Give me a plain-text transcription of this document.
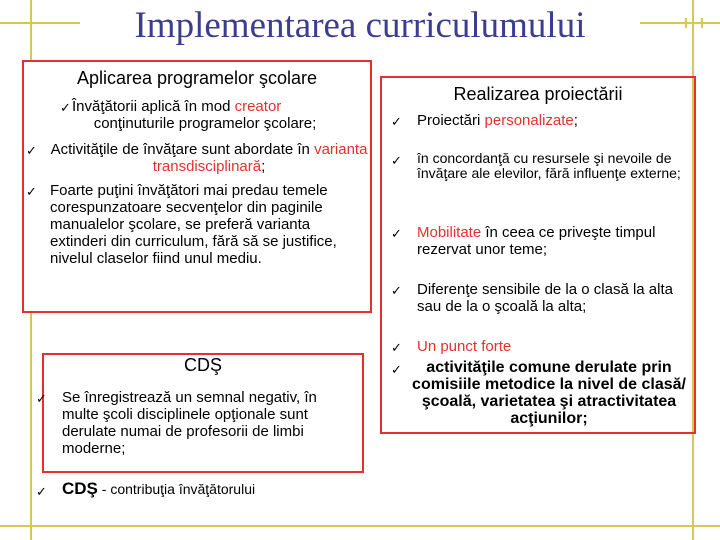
Implementarea curriculumului
Aplicarea programelor şcolare
✓ Învăţătorii aplică în mod creator
conţinuturile programelor şcolare;
✓ Activităţile de învăţare sunt abordate în varianta transdisciplinară;
✓ Foarte puţini învăţători mai predau temele corespunzatoare secvenţelor din paginile manualelor şcolare, se preferă varianta extinderi din curriculum, fără să se justifice, nivelul claselor fiind unul mediu.
CDŞ
✓ Se înregistrează un semnal negativ, în multe şcoli disciplinele opţionale sunt derulate numai de profesorii de limbi moderne;
✓ CDŞ - contribuţia învăţătorului
Realizarea proiectării
✓ Proiectări personalizate;
✓ în concordanţă cu resursele şi nevoile de învăţare ale elevilor, fără influenţe externe;
✓ Mobilitate în ceea ce priveşte timpul rezervat unor teme;
✓ Diferenţe sensibile de la o clasă la alta sau de la o şcoală la alta;
✓ Un punct forte
✓	activităţile comune derulate prin comisiile metodice la nivel de clasă/şcoală, varietatea şi atractivitatea acţiunilor;
